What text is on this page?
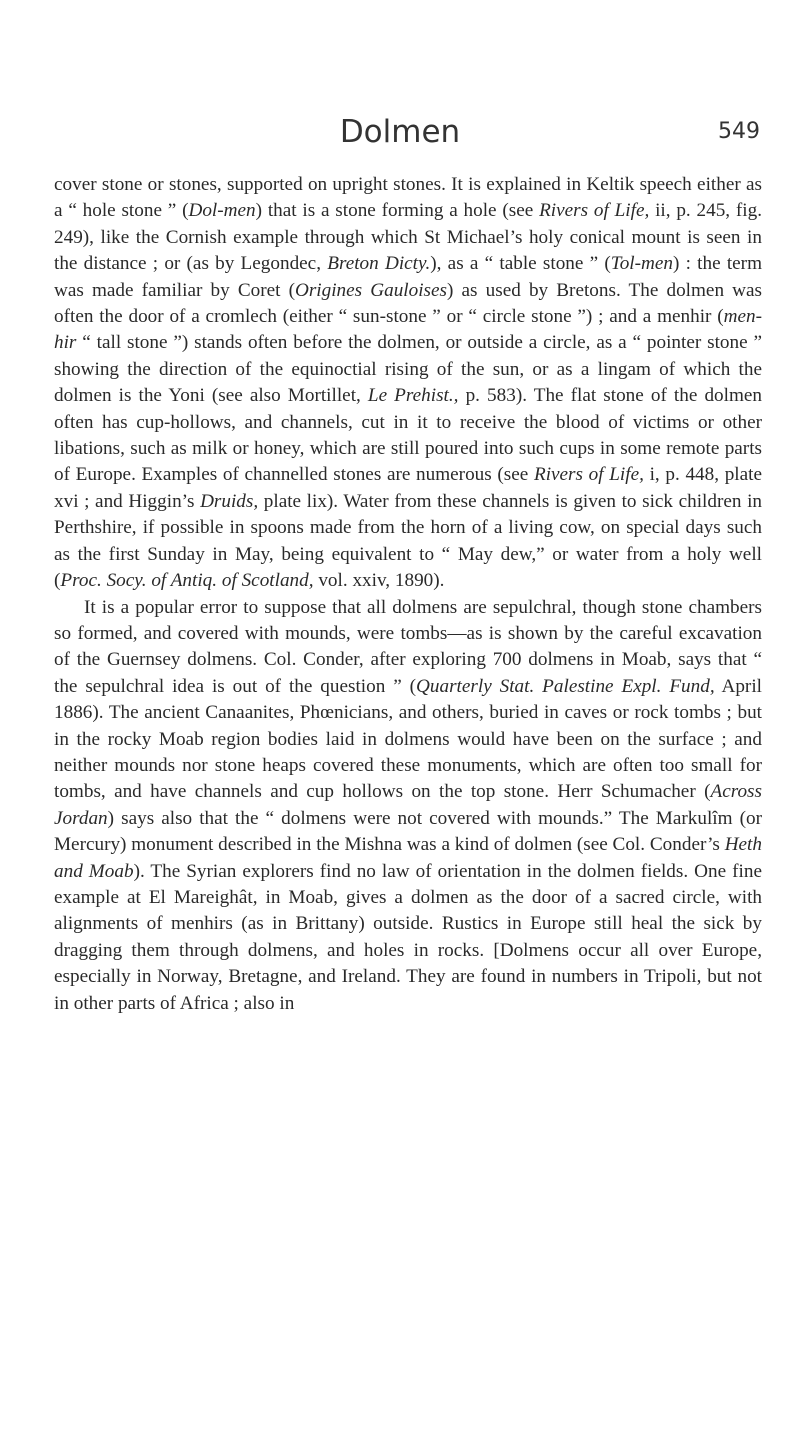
Dolmen	549

cover stone or stones, supported on upright stones. It is explained in Keltik speech either as a “ hole stone ” (Dol-men) that is a stone forming a hole (see Rivers of Life, ii, p. 245, fig. 249), like the Cornish example through which St Michael’s holy conical mount is seen in the distance ; or (as by Legondec, Breton Dicty.), as a “ table stone ” (Tol-men) : the term was made familiar by Coret (Origines Gauloises) as used by Bretons. The dolmen was often the door of a cromlech (either “ sun-stone ” or “ circle stone ”) ; and a menhir (men-hir “ tall stone ”) stands often before the dolmen, or outside a circle, as a “ pointer stone ” showing the direction of the equinoctial rising of the sun, or as a lingam of which the dolmen is the Yoni (see also Mortillet, Le Prehist., p. 583). The flat stone of the dolmen often has cup-hollows, and channels, cut in it to receive the blood of victims or other libations, such as milk or honey, which are still poured into such cups in some remote parts of Europe. Examples of channelled stones are numerous (see Rivers of Life, i, p. 448, plate xvi ; and Higgin’s Druids, plate lix). Water from these channels is given to sick children in Perthshire, if possible in spoons made from the horn of a living cow, on special days such as the first Sunday in May, being equivalent to “ May dew,” or water from a holy well (Proc. Socy. of Antiq. of Scotland, vol. xxiv, 1890).

It is a popular error to suppose that all dolmens are sepulchral, though stone chambers so formed, and covered with mounds, were tombs—as is shown by the careful excavation of the Guernsey dolmens. Col. Conder, after exploring 700 dolmens in Moab, says that “ the sepulchral idea is out of the question ” (Quarterly Stat. Palestine Expl. Fund, April 1886). The ancient Canaanites, Phœnicians, and others, buried in caves or rock tombs ; but in the rocky Moab region bodies laid in dolmens would have been on the surface ; and neither mounds nor stone heaps covered these monuments, which are often too small for tombs, and have channels and cup hollows on the top stone. Herr Schumacher (Across Jordan) says also that the “ dolmens were not covered with mounds.” The Markulîm (or Mercury) monument described in the Mishna was a kind of dolmen (see Col. Conder’s Heth and Moab). The Syrian explorers find no law of orientation in the dolmen fields. One fine example at El Mareighât, in Moab, gives a dolmen as the door of a sacred circle, with alignments of menhirs (as in Brittany) outside. Rustics in Europe still heal the sick by dragging them through dolmens, and holes in rocks. [Dolmens occur all over Europe, especially in Norway, Bretagne, and Ireland. They are found in numbers in Tripoli, but not in other parts of Africa ; also in
